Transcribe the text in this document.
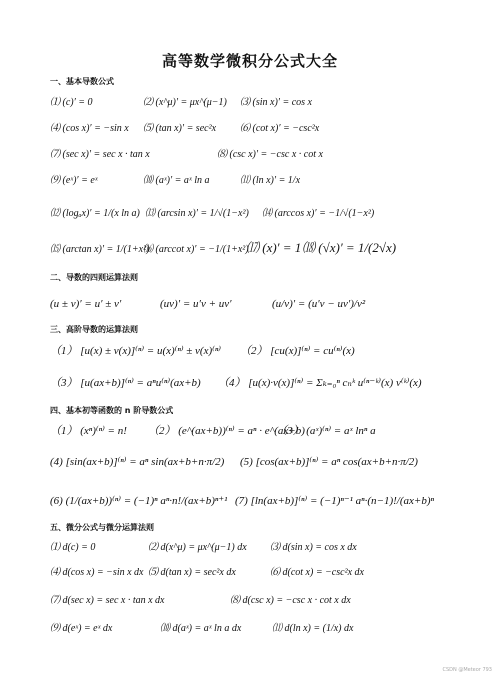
高等数学微积分公式大全
一、基本导数公式
⑴ (c)′ = 0	⑵ (x^μ)′ = μx^(μ−1) ⑶ (sin x)′ = cos x
⑷ (cos x)′ = −sin x ⑸ (tan x)′ = sec²x ⑹ (cot x)′ = −csc²x
⑺ (sec x)′ = sec x · tan x	⑻ (csc x)′ = −csc x · cot x
⑼ (eˣ)′ = eˣ	⑽ (aˣ)′ = aˣ ln a	⑾ (ln x)′ = 1/x
⑿ (logₐx)′ = 1/(x ln a) ⒀ (arcsin x)′ = 1/√(1−x²) ⒁ (arccos x)′ = −1/√(1−x²)
⒂ (arctan x)′ = 1/(1+x²)
⒃ (arccot x)′ = −1/(1+x²)
⒄ (x)′ = 1 ⒅ (√x)′ = 1/(2√x)
二、导数的四则运算法则
(u ± v)′ = u′ ± v′	(uv)′ = u′v + uv′	(u/v)′ = (u′v − uv′)/v²
三、高阶导数的运算法则
（1） [u(x) ± v(x)]⁽ⁿ⁾ = u(x)⁽ⁿ⁾ ± v(x)⁽ⁿ⁾ （2） [cu(x)]⁽ⁿ⁾ = cu⁽ⁿ⁾(x)
（3） [u(ax+b)]⁽ⁿ⁾ = aⁿu⁽ⁿ⁾(ax+b) （4） [u(x)·v(x)]⁽ⁿ⁾ = Σₖ₌₀ⁿ cₙᵏ u⁽ⁿ⁻ᵏ⁾(x) v⁽ᵏ⁾(x)
四、基本初等函数的 n 阶导数公式
（1） (xⁿ)⁽ⁿ⁾ = n! （2） (e^(ax+b))⁽ⁿ⁾ = aⁿ · e^(ax+b)
（3） (aˣ)⁽ⁿ⁾ = aˣ lnⁿ a
(4) [sin(ax+b)]⁽ⁿ⁾ = aⁿ sin(ax+b+n·π/2) (5) [cos(ax+b)]⁽ⁿ⁾ = aⁿ cos(ax+b+n·π/2)
(6) (1/(ax+b))⁽ⁿ⁾ = (−1)ⁿ aⁿ·n!/(ax+b)ⁿ⁺¹ (7) [ln(ax+b)]⁽ⁿ⁾ = (−1)ⁿ⁻¹ aⁿ·(n−1)!/(ax+b)ⁿ
五、微分公式与微分运算法则
⑴ d(c) = 0	⑵ d(x^μ) = μx^(μ−1) dx ⑶ d(sin x) = cos x dx
⑷ d(cos x) = −sin x dx ⑸ d(tan x) = sec²x dx	⑹ d(cot x) = −csc²x dx
⑺ d(sec x) = sec x · tan x dx	⑻ d(csc x) = −csc x · cot x dx
⑼ d(eˣ) = eˣ dx	⑽ d(aˣ) = aˣ ln a dx	⑾ d(ln x) = (1/x) dx
CSDN @Meteor 793
